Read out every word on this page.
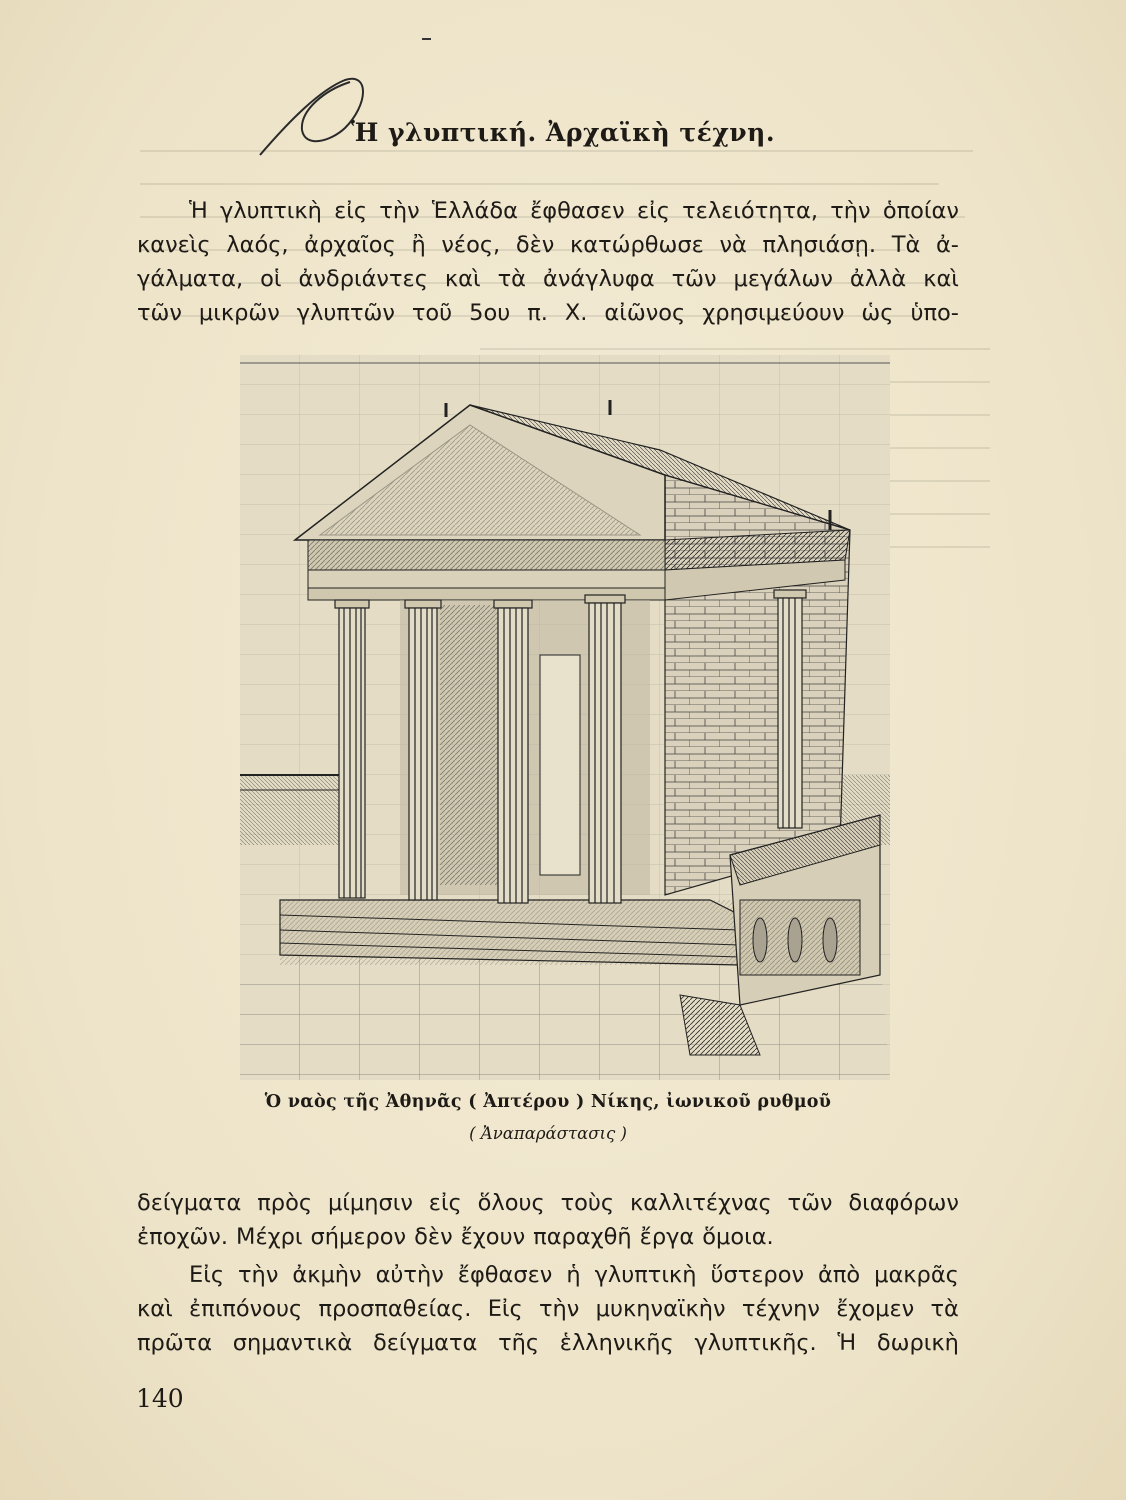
Ἡ γλυπτική. Ἀρχαϊκὴ τέχνη.
Ἡ γλυπτικὴ εἰς τὴν Ἑλλάδα ἔφθασεν εἰς τελειότητα, τὴν ὁποίαν
κανεὶς λαός, ἀρχαῖος ἢ νέος, δὲν κατώρθωσε νὰ πλησιάσῃ. Τὰ ἀ-
γάλματα, οἱ ἀνδριάντες καὶ τὰ ἀνάγλυφα τῶν μεγάλων ἀλλὰ καὶ
τῶν μικρῶν γλυπτῶν τοῦ 5ου π. Χ. αἰῶνος χρησιμεύουν ὡς ὑπο-
Ὁ ναὸς τῆς Ἀθηνᾶς ( Ἀπτέρου ) Νίκης, ἰωνικοῦ ρυθμοῦ
( Ἀναπαράστασις )
δείγματα πρὸς μίμησιν εἰς ὅλους τοὺς καλλιτέχνας τῶν διαφόρων
ἐποχῶν. Μέχρι σήμερον δὲν ἔχουν παραχθῆ ἔργα ὅμοια.
Εἰς τὴν ἀκμὴν αὐτὴν ἔφθασεν ἡ γλυπτικὴ ὕστερον ἀπὸ μακρᾶς
καὶ ἐπιπόνους προσπαθείας. Εἰς τὴν μυκηναϊκὴν τέχνην ἔχομεν τὰ
πρῶτα σημαντικὰ δείγματα τῆς ἑλληνικῆς γλυπτικῆς. Ἡ δωρικὴ
140
